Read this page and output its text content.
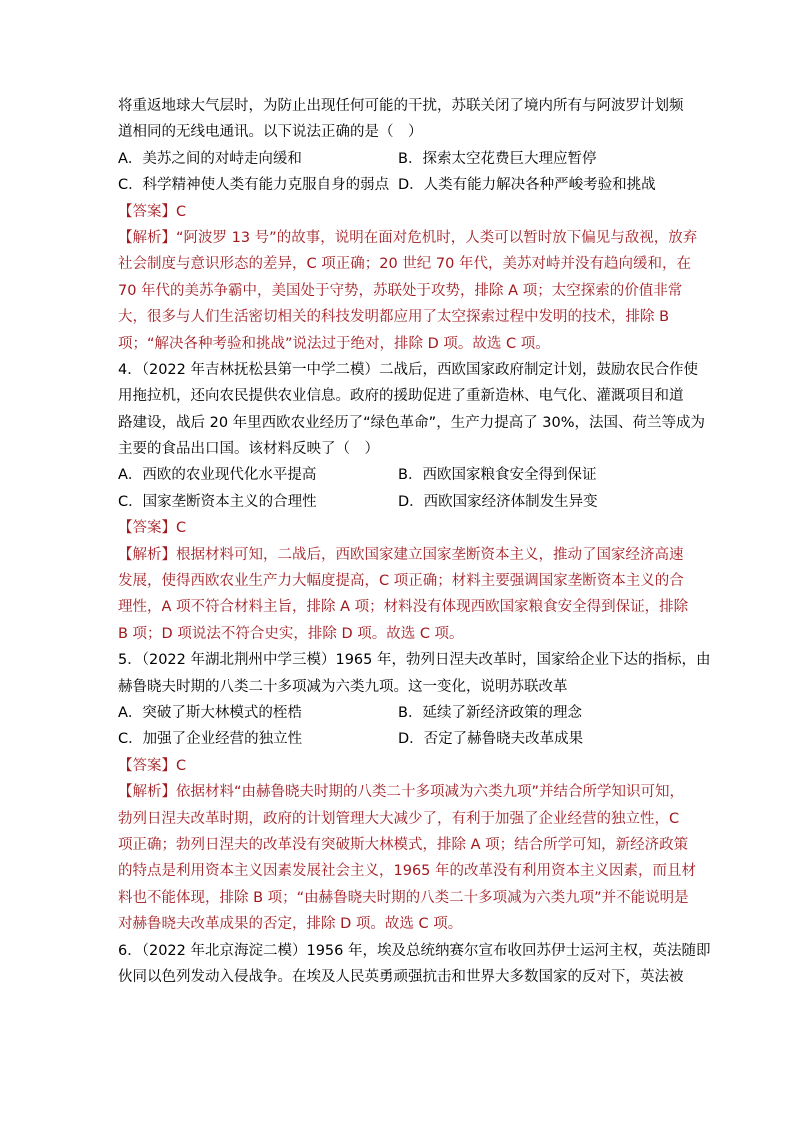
将重返地球大气层时，为防止出现任何可能的干扰，苏联关闭了境内所有与阿波罗计划频
道相同的无线电通讯。以下说法正确的是（　）
A．美苏之间的对峙走向缓和	B．探索太空花费巨大理应暂停
C．科学精神使人类有能力克服自身的弱点 D．人类有能力解决各种严峻考验和挑战
【答案】C
【解析】“阿波罗 13 号”的故事，说明在面对危机时，人类可以暂时放下偏见与敌视，放弃
社会制度与意识形态的差异，C 项正确；20 世纪 70 年代，美苏对峙并没有趋向缓和，在
70 年代的美苏争霸中，美国处于守势，苏联处于攻势，排除 A 项；太空探索的价值非常
大，很多与人们生活密切相关的科技发明都应用了太空探索过程中发明的技术，排除 B
项；“解决各种考验和挑战”说法过于绝对，排除 D 项。故选 C 项。
4．（2022 年吉林抚松县第一中学二模）二战后，西欧国家政府制定计划，鼓励农民合作使
用拖拉机，还向农民提供农业信息。政府的援助促进了重新造林、电气化、灌溉项目和道
路建设，战后 20 年里西欧农业经历了“绿色革命”，生产力提高了 30%，法国、荷兰等成为
主要的食品出口国。该材料反映了（　）
A．西欧的农业现代化水平提高	B．西欧国家粮食安全得到保证
C．国家垄断资本主义的合理性	D．西欧国家经济体制发生异变
【答案】C
【解析】根据材料可知，二战后，西欧国家建立国家垄断资本主义，推动了国家经济高速
发展，使得西欧农业生产力大幅度提高，C 项正确；材料主要强调国家垄断资本主义的合
理性，A 项不符合材料主旨，排除 A 项；材料没有体现西欧国家粮食安全得到保证，排除
B 项；D 项说法不符合史实，排除 D 项。故选 C 项。
5．（2022 年湖北荆州中学三模）1965 年，勃列日涅夫改革时，国家给企业下达的指标，由
赫鲁晓夫时期的八类二十多项减为六类九项。这一变化，说明苏联改革
A．突破了斯大林模式的桎梏	B．延续了新经济政策的理念
C．加强了企业经营的独立性	D．否定了赫鲁晓夫改革成果
【答案】C
【解析】依据材料“由赫鲁晓夫时期的八类二十多项减为六类九项”并结合所学知识可知，
勃列日涅夫改革时期，政府的计划管理大大减少了，有利于加强了企业经营的独立性，C
项正确；勃列日涅夫的改革没有突破斯大林模式，排除 A 项；结合所学可知，新经济政策
的特点是利用资本主义因素发展社会主义，1965 年的改革没有利用资本主义因素，而且材
料也不能体现，排除 B 项；“由赫鲁晓夫时期的八类二十多项减为六类九项”并不能说明是
对赫鲁晓夫改革成果的否定，排除 D 项。故选 C 项。
6．（2022 年北京海淀二模）1956 年，埃及总统纳赛尔宣布收回苏伊士运河主权，英法随即
伙同以色列发动入侵战争。在埃及人民英勇顽强抗击和世界大多数国家的反对下，英法被
